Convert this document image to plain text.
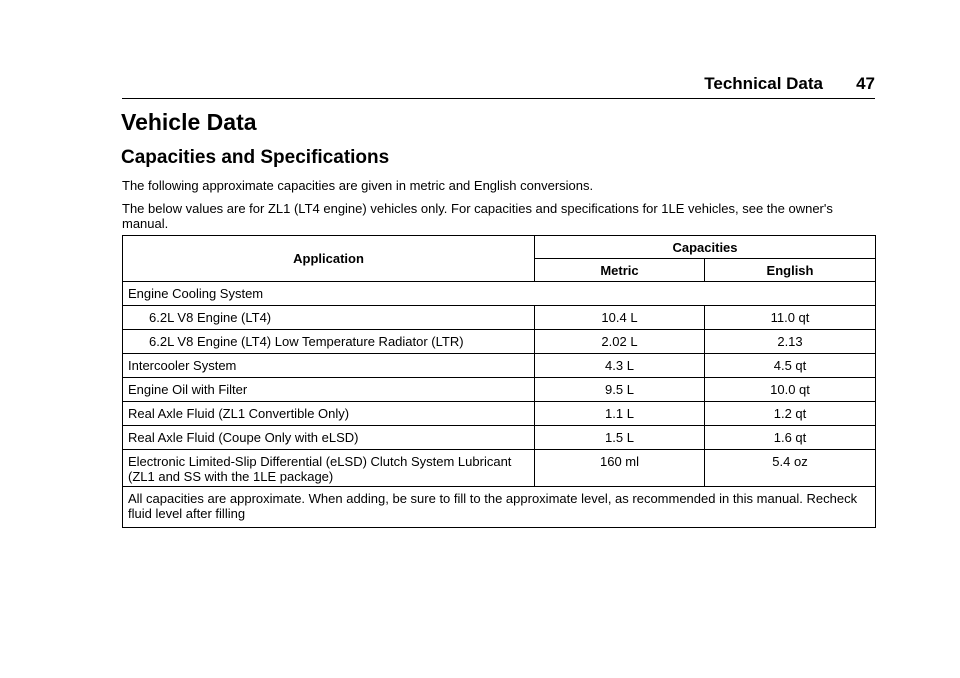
Technical Data 47
Vehicle Data
Capacities and Specifications

The following approximate capacities are given in metric and English conversions.

The below values are for ZL1 (LT4 engine) vehicles only. For capacities and specifications for 1LE vehicles, see the owner's manual.

Application	Capacities	
	Metric	English
Engine Cooling System		
6.2L V8 Engine (LT4)	10.4 L	11.0 qt
6.2L V8 Engine (LT4) Low Temperature Radiator (LTR)	2.02 L	2.13
Intercooler System	4.3 L	4.5 qt
Engine Oil with Filter	9.5 L	10.0 qt
Real Axle Fluid (ZL1 Convertible Only)	1.1 L	1.2 qt
Real Axle Fluid (Coupe Only with eLSD)	1.5 L	1.6 qt
Electronic Limited-Slip Differential (eLSD) Clutch System Lubricant (ZL1 and SS with the 1LE package)	160 ml	5.4 oz
All capacities are approximate. When adding, be sure to fill to the approximate level, as recommended in this manual. Recheck fluid level after filling		
